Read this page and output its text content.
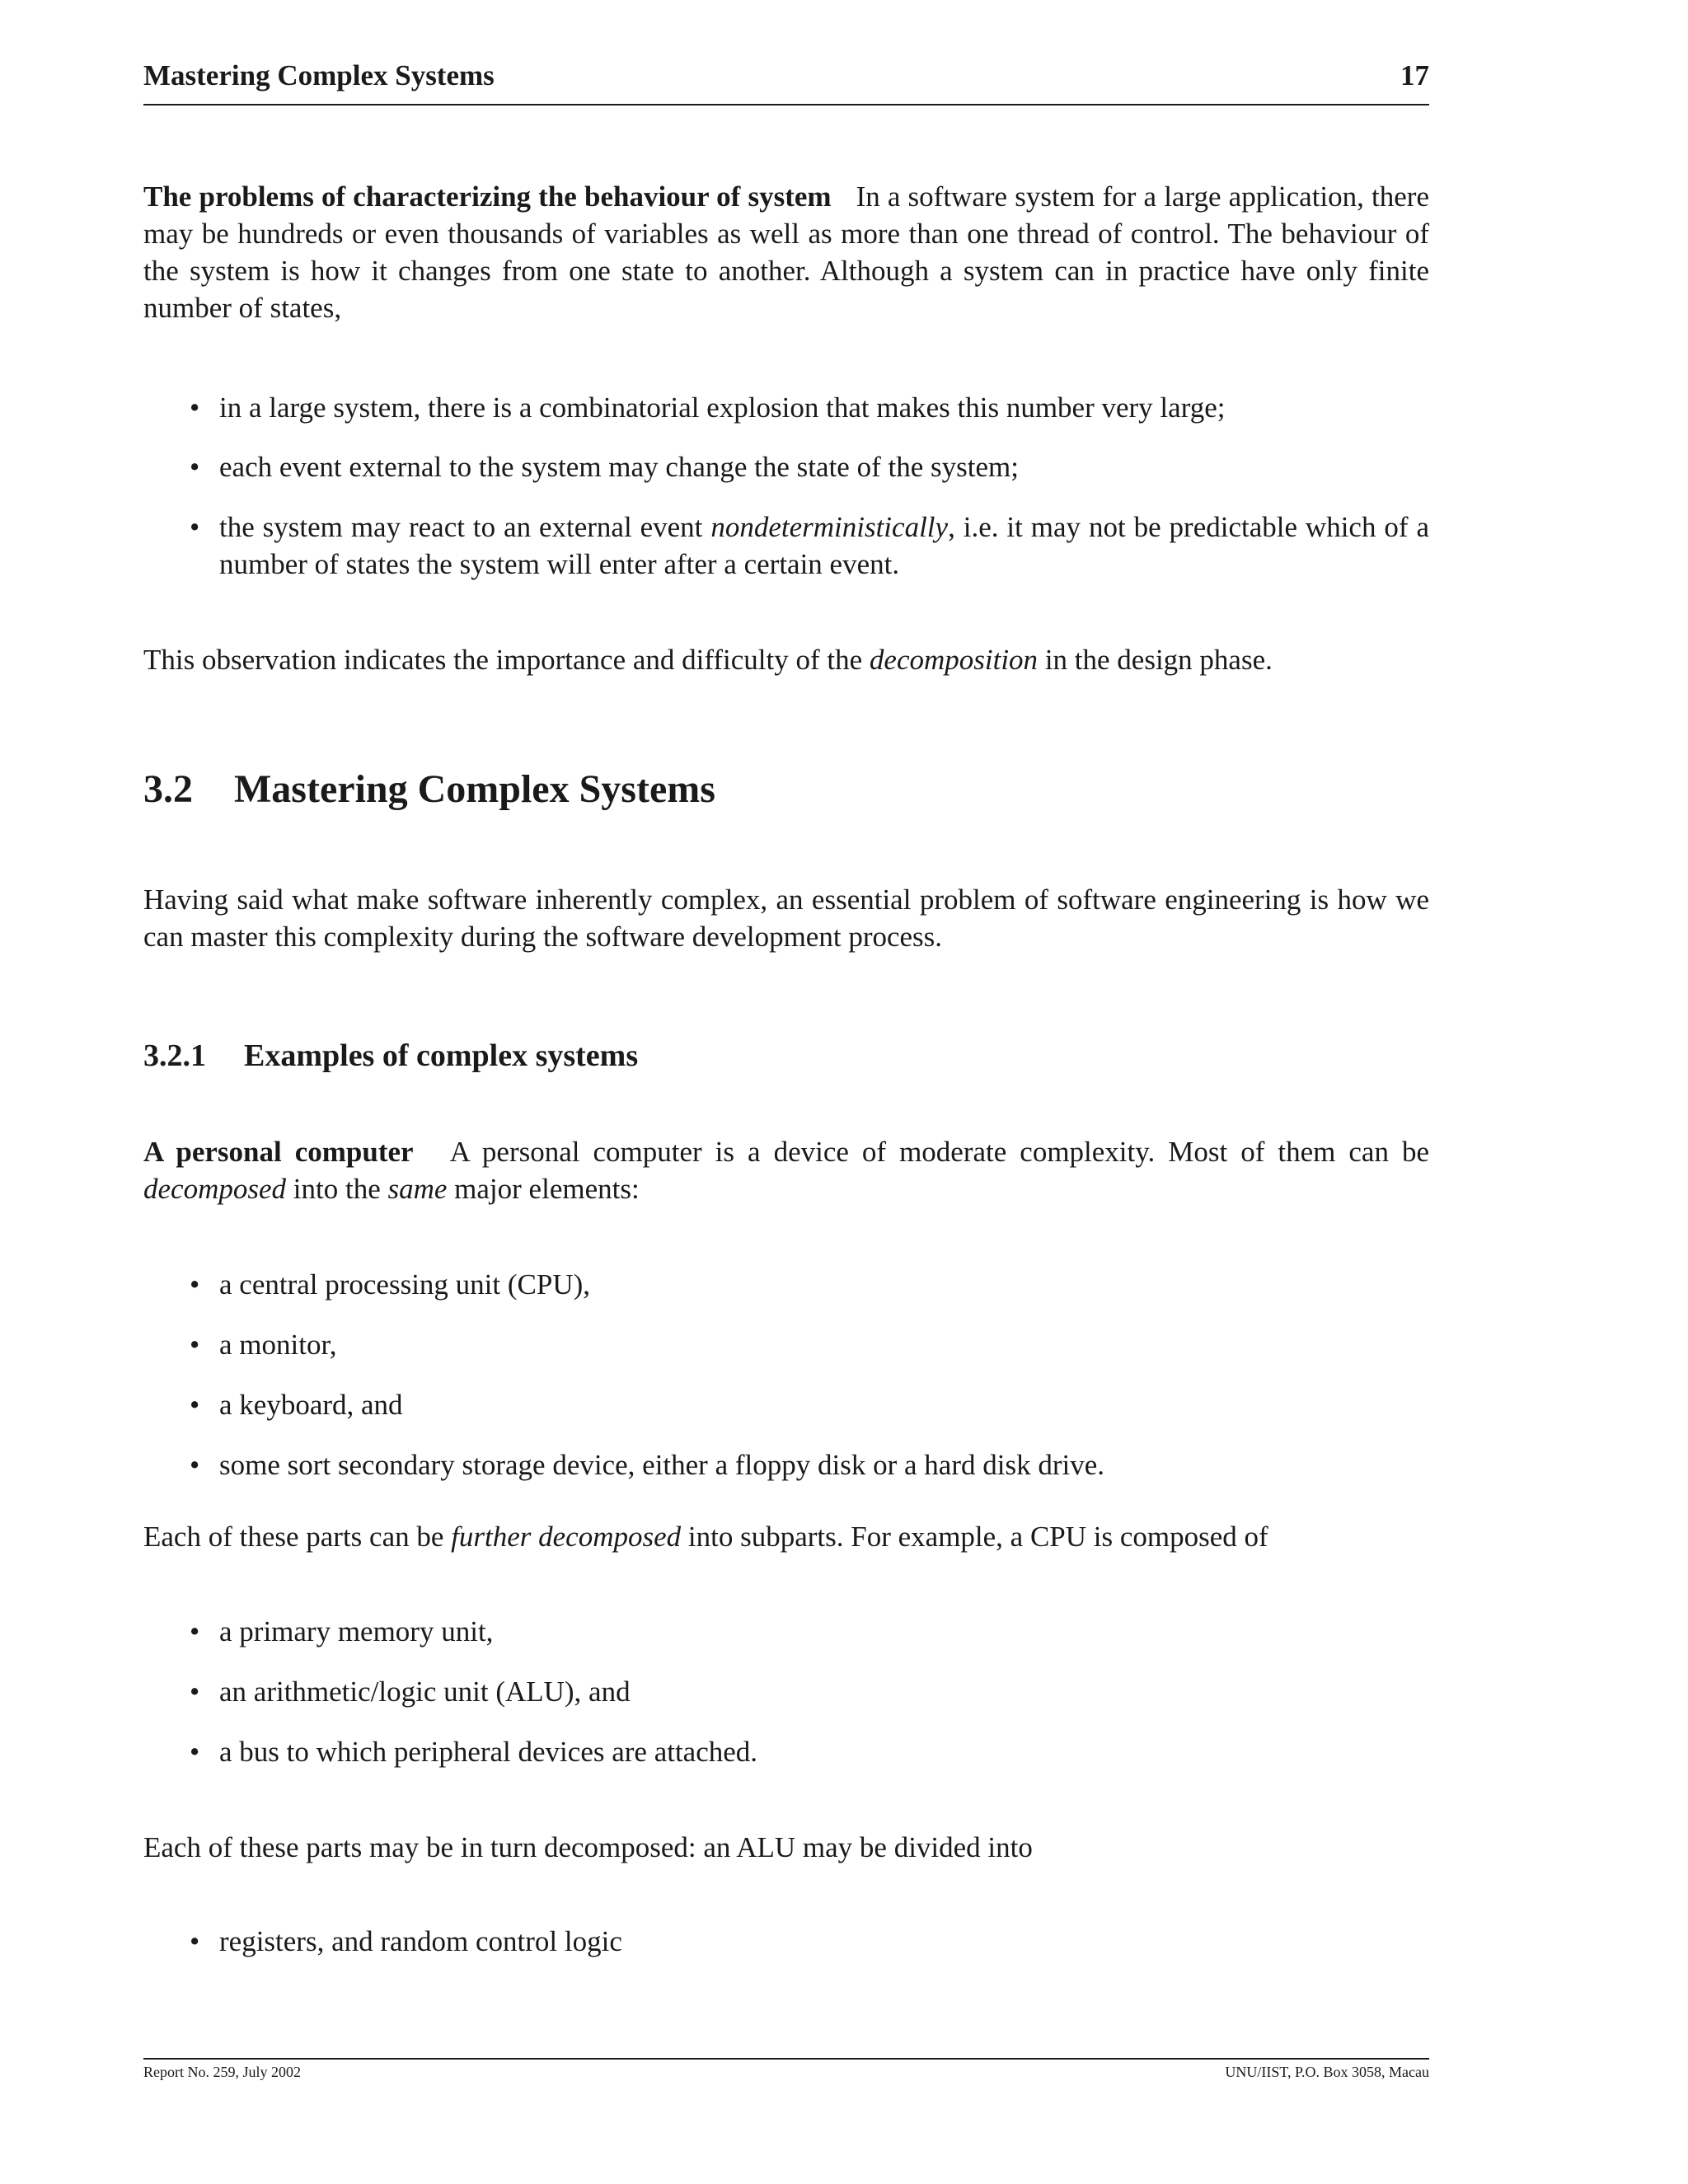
Mastering Complex Systems	17

The problems of characterizing the behaviour of system In a software system for a large application, there may be hundreds or even thousands of variables as well as more than one thread of control. The behaviour of the system is how it changes from one state to another. Although a system can in practice have only finite number of states,

• in a large system, there is a combinatorial explosion that makes this number very large;
• each event external to the system may change the state of the system;
• the system may react to an external event nondeterministically, i.e. it may not be predictable which of a number of states the system will enter after a certain event.

This observation indicates the importance and difficulty of the decomposition in the design phase.

3.2 Mastering Complex Systems

Having said what make software inherently complex, an essential problem of software engineering is how we can master this complexity during the software development process.

3.2.1 Examples of complex systems

A personal computer A personal computer is a device of moderate complexity. Most of them can be decomposed into the same major elements:

• a central processing unit (CPU),
• a monitor,
• a keyboard, and
• some sort secondary storage device, either a floppy disk or a hard disk drive.

Each of these parts can be further decomposed into subparts. For example, a CPU is composed of

• a primary memory unit,
• an arithmetic/logic unit (ALU), and
• a bus to which peripheral devices are attached.

Each of these parts may be in turn decomposed: an ALU may be divided into

• registers, and random control logic
Report No. 259, July 2002	UNU/IIST, P.O. Box 3058, Macau
